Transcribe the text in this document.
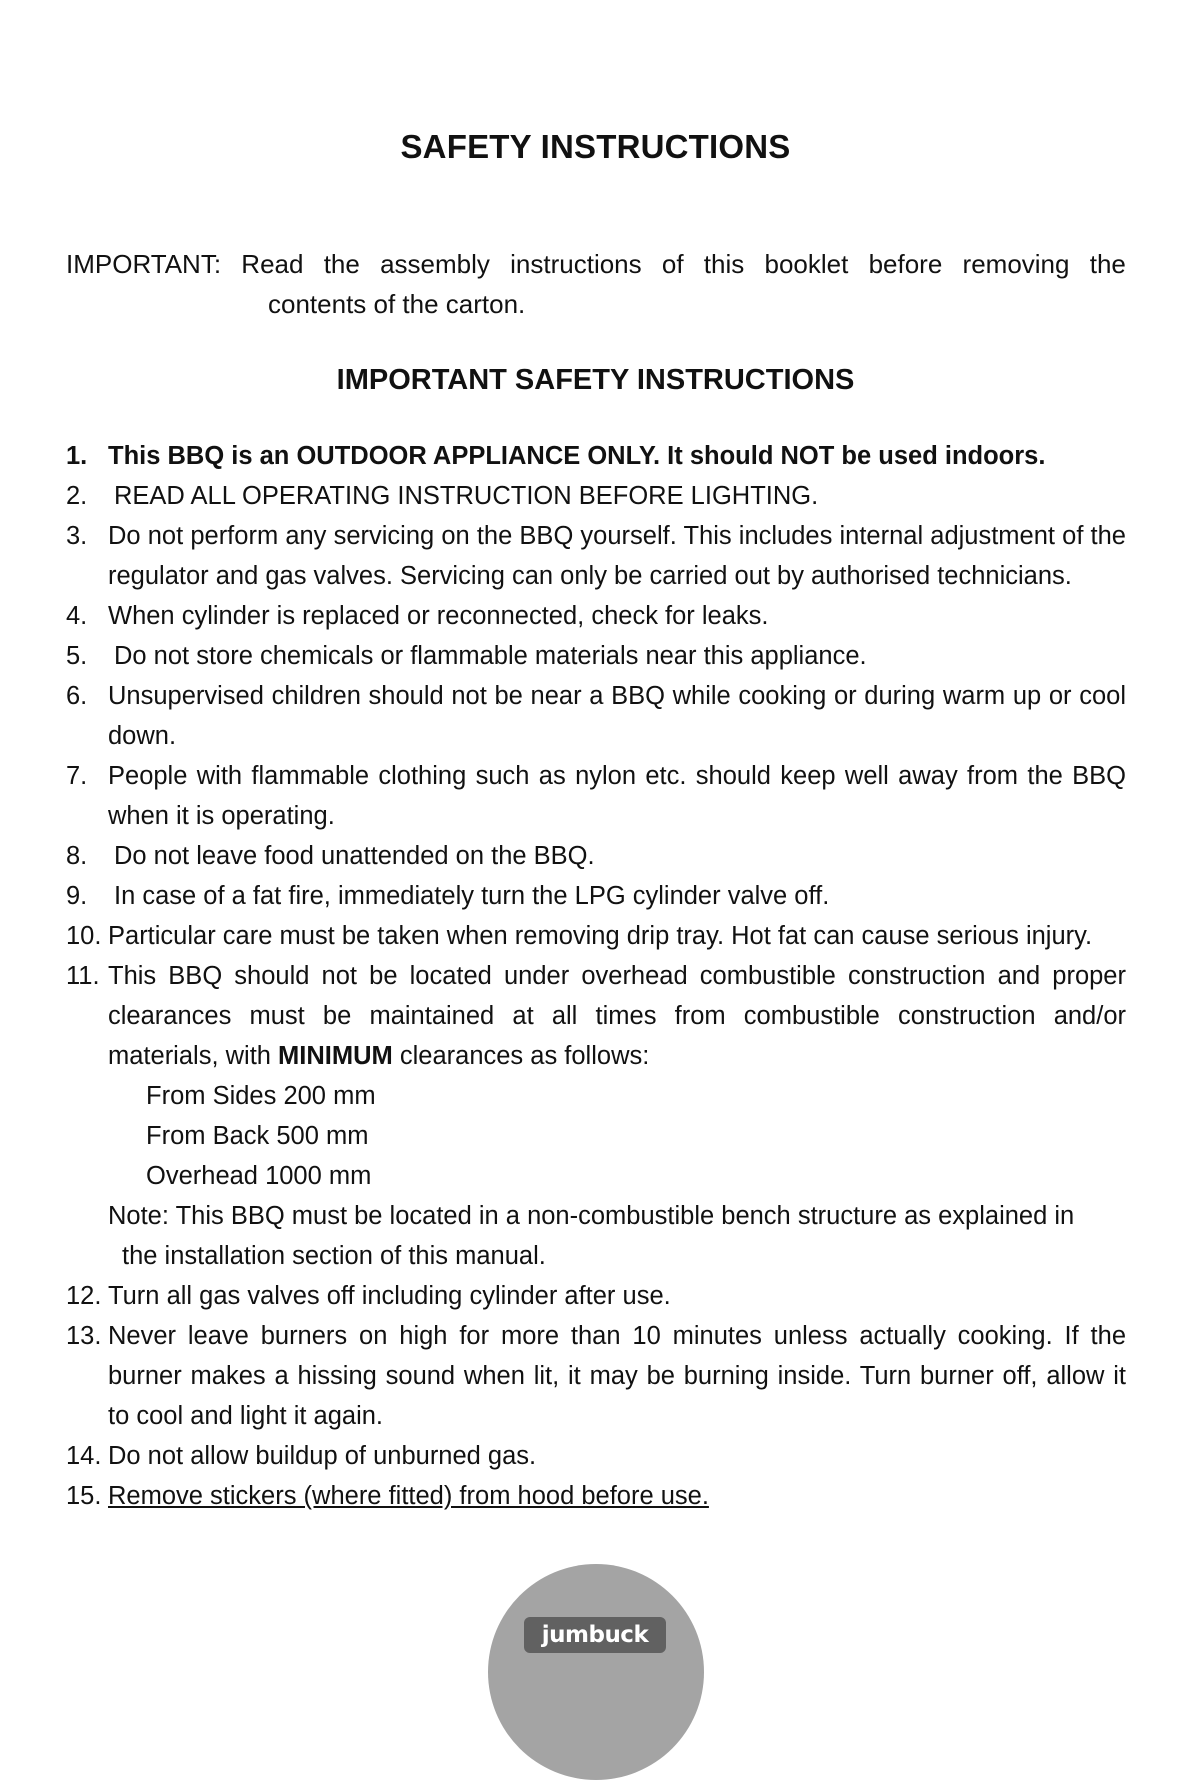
SAFETY INSTRUCTIONS
IMPORTANT: Read the assembly instructions of this booklet before removing the
contents of the carton.
IMPORTANT SAFETY INSTRUCTIONS
1. This BBQ is an OUTDOOR APPLIANCE ONLY. It should NOT be used indoors.
2. READ ALL OPERATING INSTRUCTION BEFORE LIGHTING.
3. Do not perform any servicing on the BBQ yourself. This includes internal adjustment of the regulator and gas valves. Servicing can only be carried out by authorised technicians.
4. When cylinder is replaced or reconnected, check for leaks.
5. Do not store chemicals or flammable materials near this appliance.
6. Unsupervised children should not be near a BBQ while cooking or during warm up or cool down.
7. People with flammable clothing such as nylon etc. should keep well away from the BBQ when it is operating.
8. Do not leave food unattended on the BBQ.
9. In case of a fat fire, immediately turn the LPG cylinder valve off.
10. Particular care must be taken when removing drip tray. Hot fat can cause serious injury.
11. This BBQ should not be located under overhead combustible construction and proper clearances must be maintained at all times from combustible construction and/or materials, with MINIMUM clearances as follows:
From Sides 200 mm
From Back 500 mm
Overhead 1000 mm
Note: This BBQ must be located in a non-combustible bench structure as explained in
the installation section of this manual.
12. Turn all gas valves off including cylinder after use.
13. Never leave burners on high for more than 10 minutes unless actually cooking. If the burner makes a hissing sound when lit, it may be burning inside. Turn burner off, allow it to cool and light it again.
14. Do not allow buildup of unburned gas.
15. Remove stickers (where fitted) from hood before use.
jumbuck
